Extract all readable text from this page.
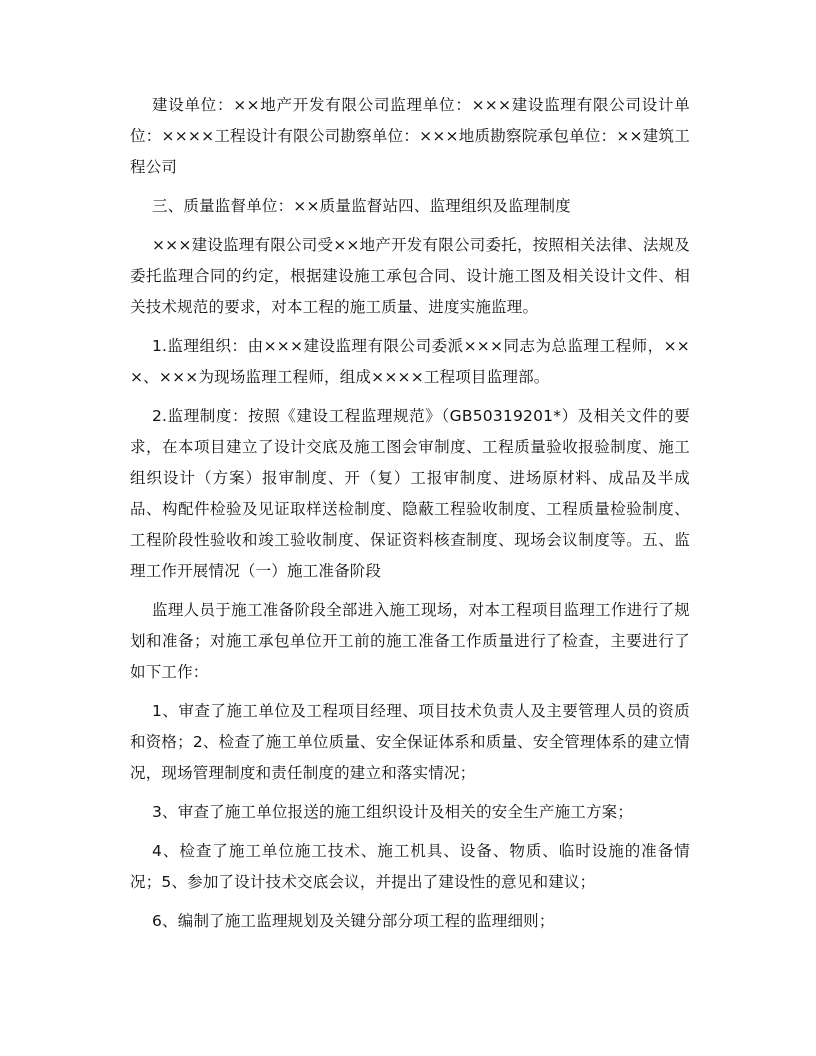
建设单位：××地产开发有限公司监理单位：×××建设监理有限公司设计单位：××××工程设计有限公司勘察单位：×××地质勘察院承包单位：××建筑工程公司

三、质量监督单位：××质量监督站四、监理组织及监理制度

×××建设监理有限公司受××地产开发有限公司委托，按照相关法律、法规及委托监理合同的约定，根据建设施工承包合同、设计施工图及相关设计文件、相关技术规范的要求，对本工程的施工质量、进度实施监理。

1.监理组织：由×××建设监理有限公司委派×××同志为总监理工程师，×××、×××为现场监理工程师，组成××××工程项目监理部。

2.监理制度：按照《建设工程监理规范》（GB50319201*）及相关文件的要求，在本项目建立了设计交底及施工图会审制度、工程质量验收报验制度、施工组织设计（方案）报审制度、开（复）工报审制度、进场原材料、成品及半成品、构配件检验及见证取样送检制度、隐蔽工程验收制度、工程质量检验制度、工程阶段性验收和竣工验收制度、保证资料核查制度、现场会议制度等。五、监理工作开展情况（一）施工准备阶段

监理人员于施工准备阶段全部进入施工现场，对本工程项目监理工作进行了规划和准备；对施工承包单位开工前的施工准备工作质量进行了检查，主要进行了如下工作：

1、审查了施工单位及工程项目经理、项目技术负责人及主要管理人员的资质和资格；2、检查了施工单位质量、安全保证体系和质量、安全管理体系的建立情况，现场管理制度和责任制度的建立和落实情况；

3、审查了施工单位报送的施工组织设计及相关的安全生产施工方案；

4、检查了施工单位施工技术、施工机具、设备、物质、临时设施的准备情况；5、参加了设计技术交底会议，并提出了建设性的意见和建议；

6、编制了施工监理规划及关键分部分项工程的监理细则；
